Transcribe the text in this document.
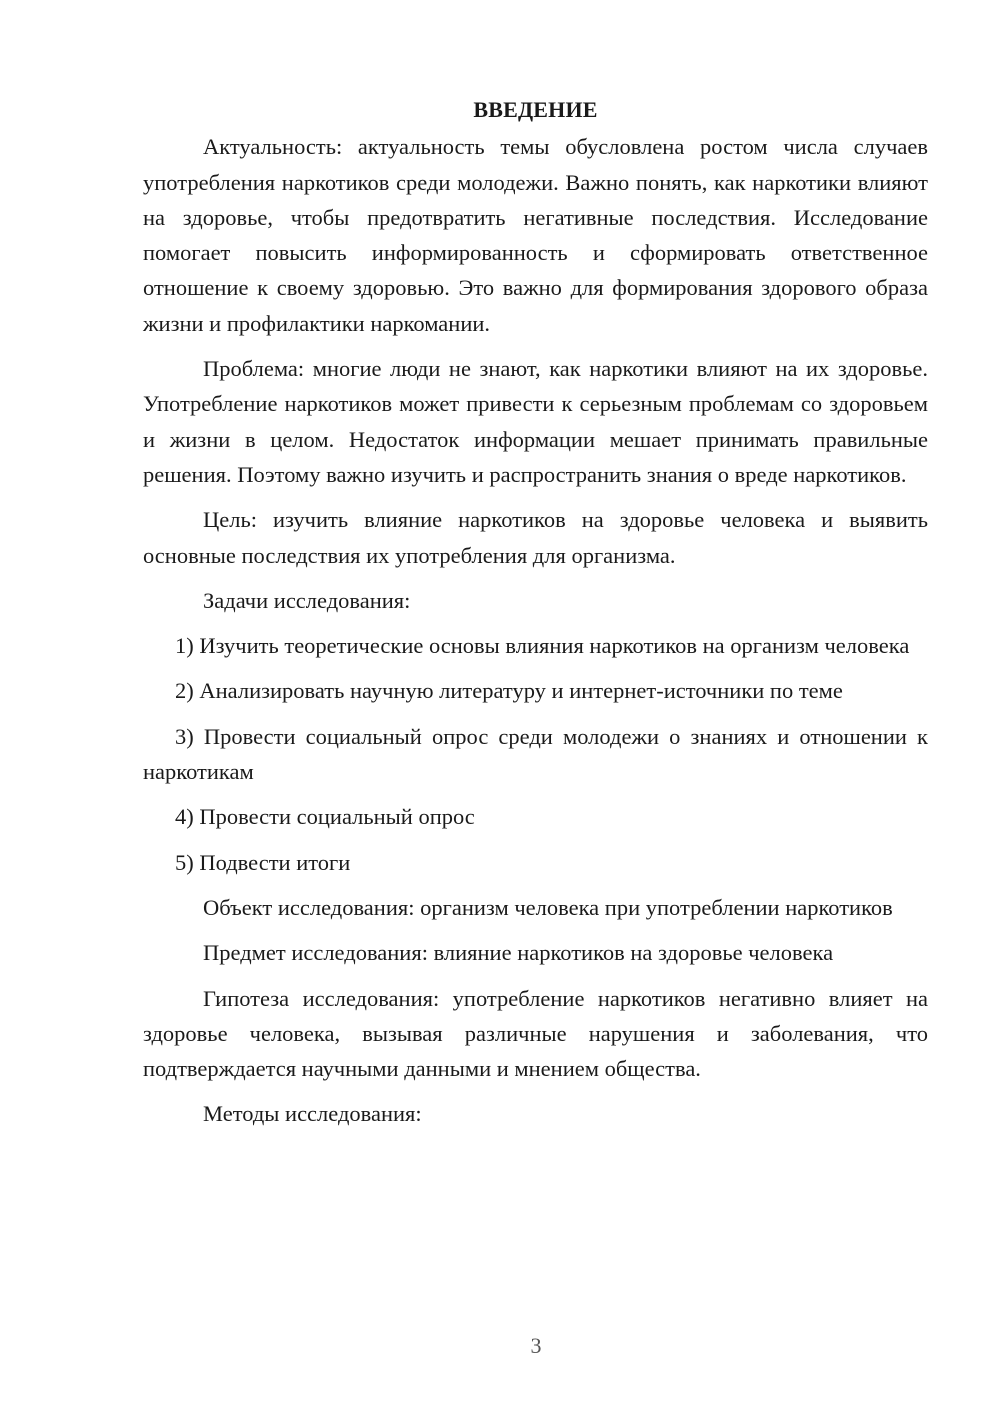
ВВЕДЕНИЕ

Актуальность: актуальность темы обусловлена ростом числа случаев употребления наркотиков среди молодежи. Важно понять, как наркотики влияют на здоровье, чтобы предотвратить негативные последствия. Исследование помогает повысить информированность и сформировать ответственное отношение к своему здоровью. Это важно для формирования здорового образа жизни и профилактики наркомании.

Проблема: многие люди не знают, как наркотики влияют на их здоровье. Употребление наркотиков может привести к серьезным проблемам со здоровьем и жизни в целом. Недостаток информации мешает принимать правильные решения. Поэтому важно изучить и распространить знания о вреде наркотиков.

Цель: изучить влияние наркотиков на здоровье человека и выявить основные последствия их употребления для организма.

Задачи исследования:

1) Изучить теоретические основы влияния наркотиков на организм человека

2) Анализировать научную литературу и интернет-источники по теме

3) Провести социальный опрос среди молодежи о знаниях и отношении к наркотикам

4) Провести социальный опрос

5) Подвести итоги

Объект исследования: организм человека при употреблении наркотиков

Предмет исследования: влияние наркотиков на здоровье человека

Гипотеза исследования: употребление наркотиков негативно влияет на здоровье человека, вызывая различные нарушения и заболевания, что подтверждается научными данными и мнением общества.

Методы исследования:

3
